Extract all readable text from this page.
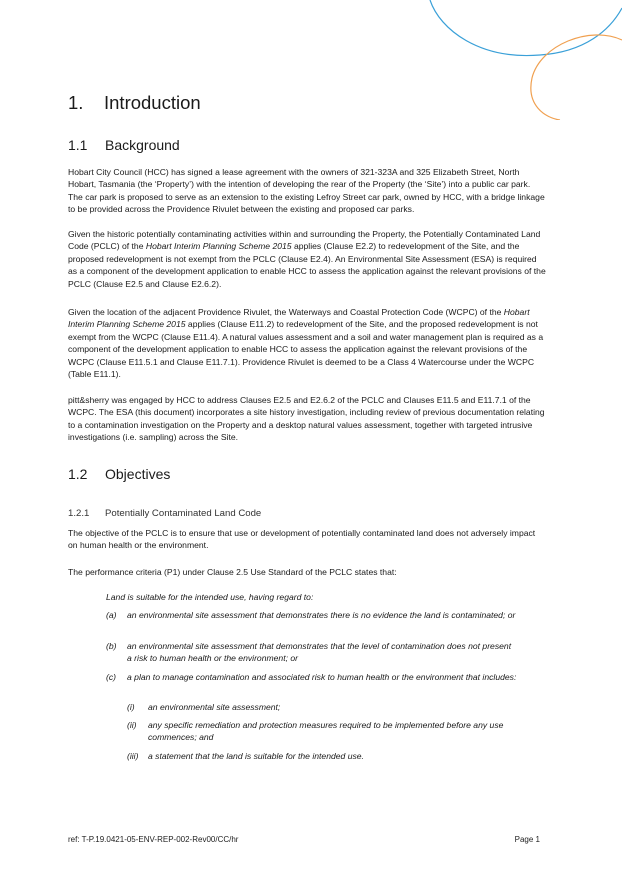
1. Introduction
1.1 Background

Hobart City Council (HCC) has signed a lease agreement with the owners of 321-323A and 325 Elizabeth Street, North Hobart, Tasmania (the ‘Property’) with the intention of developing the rear of the Property (the ‘Site’) into a public car park. The car park is proposed to serve as an extension to the existing Lefroy Street car park, owned by HCC, with a bridge linkage to be provided across the Providence Rivulet between the existing and proposed car parks.

Given the historic potentially contaminating activities within and surrounding the Property, the Potentially Contaminated Land Code (PCLC) of the Hobart Interim Planning Scheme 2015 applies (Clause E2.2) to redevelopment of the Site, and the proposed redevelopment is not exempt from the PCLC (Clause E2.4). An Environmental Site Assessment (ESA) is required as a component of the development application to enable HCC to assess the application against the relevant provisions of the PCLC (Clause E2.5 and Clause E2.6.2).

Given the location of the adjacent Providence Rivulet, the Waterways and Coastal Protection Code (WCPC) of the Hobart Interim Planning Scheme 2015 applies (Clause E11.2) to redevelopment of the Site, and the proposed redevelopment is not exempt from the WCPC (Clause E11.4). A natural values assessment and a soil and water management plan is required as a component of the development application to enable HCC to assess the application against the relevant provisions of the WCPC (Clause E11.5.1 and Clause E11.7.1). Providence Rivulet is deemed to be a Class 4 Watercourse under the WCPC (Table E11.1).

pitt&sherry was engaged by HCC to address Clauses E2.5 and E2.6.2 of the PCLC and Clauses E11.5 and E11.7.1 of the WCPC. The ESA (this document) incorporates a site history investigation, including review of previous documentation relating to a contamination investigation on the Property and a desktop natural values assessment, together with targeted intrusive investigations (i.e. sampling) across the Site.

1.2 Objectives
1.2.1 Potentially Contaminated Land Code

The objective of the PCLC is to ensure that use or development of potentially contaminated land does not adversely impact on human health or the environment.

The performance criteria (P1) under Clause 2.5 Use Standard of the PCLC states that:

Land is suitable for the intended use, having regard to:
(a) an environmental site assessment that demonstrates there is no evidence the land is contaminated; or
(b) an environmental site assessment that demonstrates that the level of contamination does not present a risk to human health or the environment; or
(c) a plan to manage contamination and associated risk to human health or the environment that includes:
(i) an environmental site assessment;
(ii) any specific remediation and protection measures required to be implemented before any use commences; and
(iii) a statement that the land is suitable for the intended use.
ref: T-P.19.0421-05-ENV-REP-002-Rev00/CC/hr	Page 1
